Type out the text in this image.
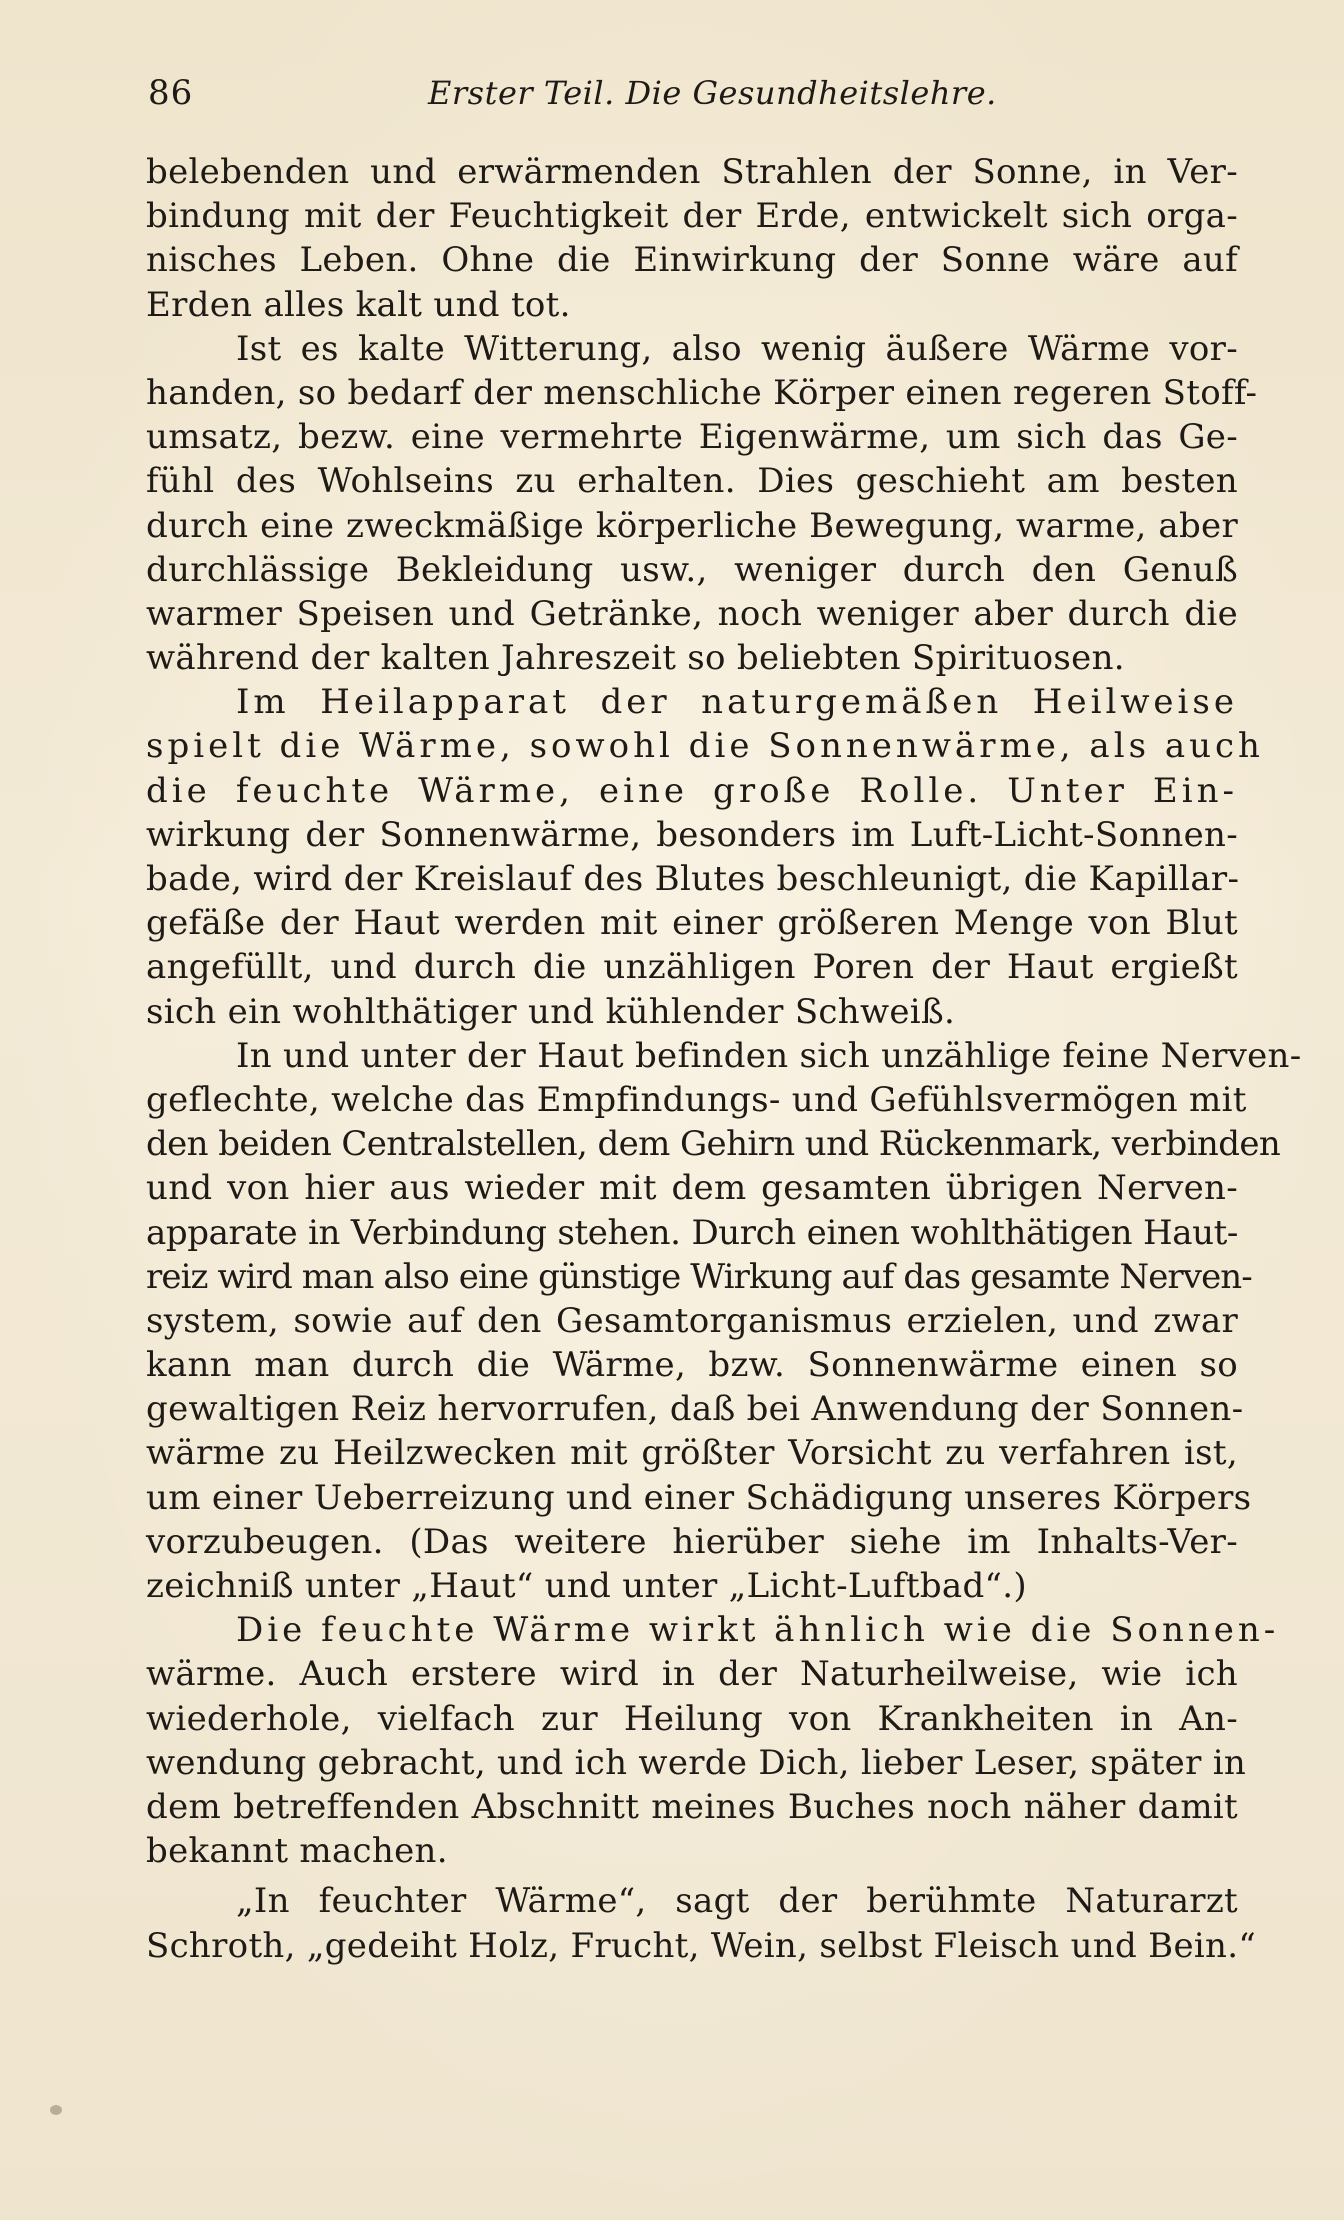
86	Erster Teil. Die Gesundheitslehre.
belebenden und erwärmenden Strahlen der Sonne, in Ver-
bindung mit der Feuchtigkeit der Erde, entwickelt sich orga-
nisches Leben. Ohne die Einwirkung der Sonne wäre auf
Erden alles kalt und tot.
Ist es kalte Witterung, also wenig äußere Wärme vor-
handen, so bedarf der menschliche Körper einen regeren Stoff-
umsatz, bezw. eine vermehrte Eigenwärme, um sich das Ge-
fühl des Wohlseins zu erhalten. Dies geschieht am besten
durch eine zweckmäßige körperliche Bewegung, warme, aber
durchlässige Bekleidung usw., weniger durch den Genuß
warmer Speisen und Getränke, noch weniger aber durch die
während der kalten Jahreszeit so beliebten Spirituosen.
Im Heilapparat der naturgemäßen Heilweise
spielt die Wärme, sowohl die Sonnenwärme, als auch
die feuchte Wärme, eine große Rolle. Unter Ein-
wirkung der Sonnenwärme, besonders im Luft-Licht-Sonnen-
bade, wird der Kreislauf des Blutes beschleunigt, die Kapillar-
gefäße der Haut werden mit einer größeren Menge von Blut
angefüllt, und durch die unzähligen Poren der Haut ergießt
sich ein wohlthätiger und kühlender Schweiß.
In und unter der Haut befinden sich unzählige feine Nerven-
geflechte, welche das Empfindungs- und Gefühlsvermögen mit
den beiden Centralstellen, dem Gehirn und Rückenmark, verbinden
und von hier aus wieder mit dem gesamten übrigen Nerven-
apparate in Verbindung stehen. Durch einen wohlthätigen Haut-
reiz wird man also eine günstige Wirkung auf das gesamte Nerven-
system, sowie auf den Gesamtorganismus erzielen, und zwar
kann man durch die Wärme, bzw. Sonnenwärme einen so
gewaltigen Reiz hervorrufen, daß bei Anwendung der Sonnen-
wärme zu Heilzwecken mit größter Vorsicht zu verfahren ist,
um einer Ueberreizung und einer Schädigung unseres Körpers
vorzubeugen. (Das weitere hierüber siehe im Inhalts-Ver-
zeichniß unter „Haut“ und unter „Licht-Luftbad“.)
Die feuchte Wärme wirkt ähnlich wie die Sonnen-
wärme. Auch erstere wird in der Naturheilweise, wie ich
wiederhole, vielfach zur Heilung von Krankheiten in An-
wendung gebracht, und ich werde Dich, lieber Leser, später in
dem betreffenden Abschnitt meines Buches noch näher damit
bekannt machen.
„In feuchter Wärme“, sagt der berühmte Naturarzt
Schroth, „gedeiht Holz, Frucht, Wein, selbst Fleisch und Bein.“
